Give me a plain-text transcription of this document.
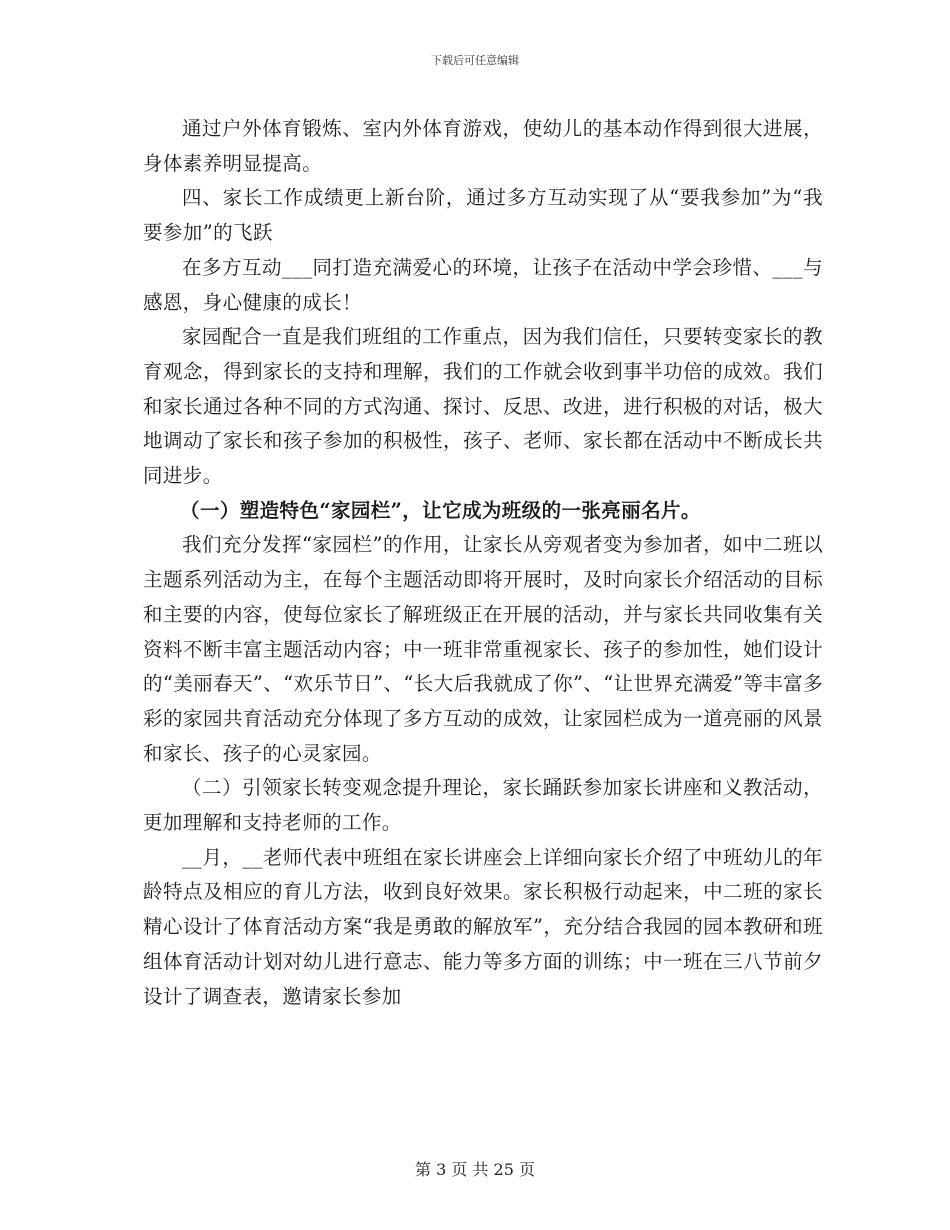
下载后可任意编辑

通过户外体育锻炼、室内外体育游戏，使幼儿的基本动作得到很大进展，身体素养明显提高。

四、家长工作成绩更上新台阶，通过多方互动实现了从“要我参加”为“我要参加”的飞跃

在多方互动___同打造充满爱心的环境，让孩子在活动中学会珍惜、___与感恩，身心健康的成长！

家园配合一直是我们班组的工作重点，因为我们信任，只要转变家长的教育观念，得到家长的支持和理解，我们的工作就会收到事半功倍的成效。我们和家长通过各种不同的方式沟通、探讨、反思、改进，进行积极的对话，极大地调动了家长和孩子参加的积极性，孩子、老师、家长都在活动中不断成长共同进步。

（一）塑造特色“家园栏”，让它成为班级的一张亮丽名片。

我们充分发挥“家园栏”的作用，让家长从旁观者变为参加者，如中二班以主题系列活动为主，在每个主题活动即将开展时，及时向家长介绍活动的目标和主要的内容，使每位家长了解班级正在开展的活动，并与家长共同收集有关资料不断丰富主题活动内容；中一班非常重视家长、孩子的参加性，她们设计的“美丽春天”、“欢乐节日”、“长大后我就成了你”、“让世界充满爱”等丰富多彩的家园共育活动充分体现了多方互动的成效，让家园栏成为一道亮丽的风景和家长、孩子的心灵家园。

（二）引领家长转变观念提升理论，家长踊跃参加家长讲座和义教活动，更加理解和支持老师的工作。

__月，__老师代表中班组在家长讲座会上详细向家长介绍了中班幼儿的年龄特点及相应的育儿方法，收到良好效果。家长积极行动起来，中二班的家长精心设计了体育活动方案“我是勇敢的解放军”，充分结合我园的园本教研和班组体育活动计划对幼儿进行意志、能力等多方面的训练；中一班在三八节前夕设计了调查表，邀请家长参加

第 3 页 共 25 页
